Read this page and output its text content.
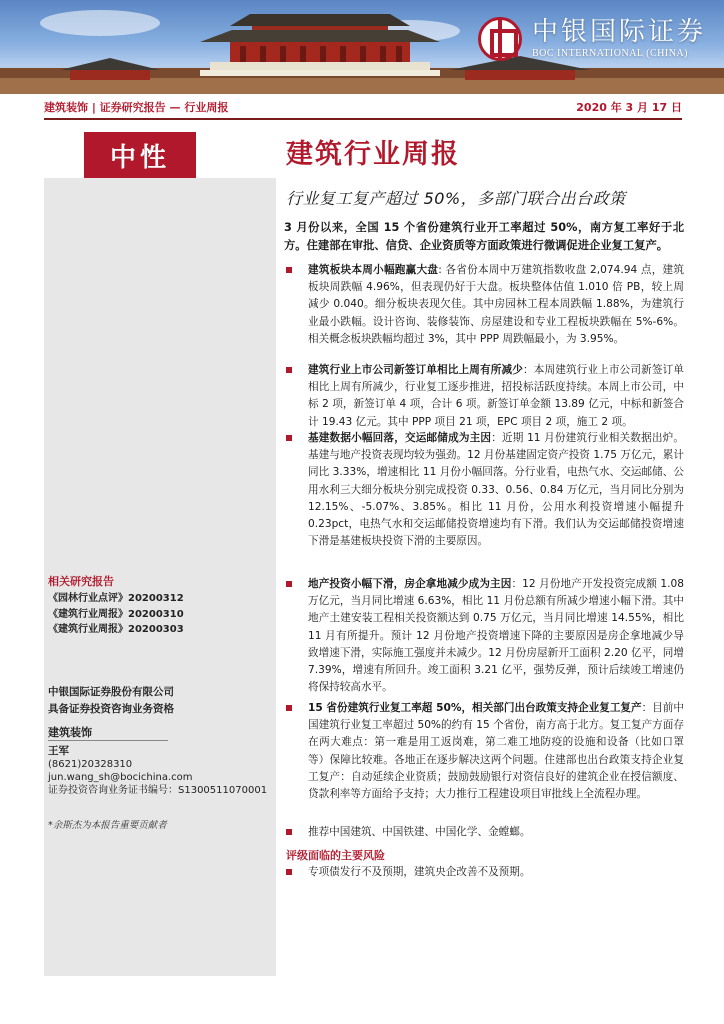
中银国际证券
BOC INTERNATIONAL (CHINA)
建筑装饰 | 证券研究报告 — 行业周报	2020 年 3 月 17 日
中性
相关研究报告
《园林行业点评》20200312
《建筑行业周报》20200310
《建筑行业周报》20200303
中银国际证券股份有限公司
具备证券投资咨询业务资格
建筑装饰
王军
(8621)20328310
jun.wang_sh@bocichina.com
证券投资咨询业务证书编号：S1300511070001
*余斯杰为本报告重要贡献者
建筑行业周报
行业复工复产超过 50%，多部门联合出台政策
3 月份以来，全国 15 个省份建筑行业开工率超过 50%，南方复工率好于北方。住建部在审批、信贷、企业资质等方面政策进行微调促进企业复工复产。
建筑板块本周小幅跑赢大盘: 各省份本周中万建筑指数收盘 2,074.94 点，建筑板块周跌幅 4.96%，但表现仍好于大盘。板块整体估值 1.010 倍 PB，较上周减少 0.040。细分板块表现欠佳。其中房园林工程本周跌幅 1.88%，为建筑行业最小跌幅。设计咨询、装修装饰、房屋建设和专业工程板块跌幅在 5%-6%。相关概念板块跌幅均超过 3%，其中 PPP 周跌幅最小，为 3.95%。
建筑行业上市公司新签订单相比上周有所减少：本周建筑行业上市公司新签订单相比上周有所减少，行业复工逐步推进，招投标活跃度持续。本周上市公司，中标 2 项，新签订单 4 项，合计 6 项。新签订单金额 13.89 亿元，中标和新签合计 19.43 亿元。其中 PPP 项目 21 项，EPC 项目 2 项，施工 2 项。
基建数据小幅回落，交运邮储成为主因：近期 11 月份建筑行业相关数据出炉。基建与地产投资表现均较为强劲。12 月份基建固定资产投资 1.75 万亿元，累计同比 3.33%，增速相比 11 月份小幅回落。分行业看，电热气水、交运邮储、公用水利三大细分板块分别完成投资 0.33、0.56、0.84 万亿元，当月同比分别为 12.15%、-5.07%、3.85%。相比 11 月份，公用水利投资增速小幅提升 0.23pct，电热气水和交运邮储投资增速均有下滑。我们认为交运邮储投资增速下滑是基建板块投资下滑的主要原因。
地产投资小幅下滑，房企拿地减少成为主因：12 月份地产开发投资完成额 1.08 万亿元，当月同比增速 6.63%，相比 11 月份总额有所减少增速小幅下滑。其中地产土建安装工程相关投资额达到 0.75 万亿元，当月同比增速 14.55%，相比 11 月有所提升。预计 12 月份地产投资增速下降的主要原因是房企拿地减少导致增速下滑，实际施工强度并未减少。12 月份房屋新开工面积 2.20 亿平，同增 7.39%，增速有所回升。竣工面积 3.21 亿平，强势反弹，预计后续竣工增速仍将保持较高水平。
15 省份建筑行业复工率超 50%，相关部门出台政策支持企业复工复产：目前中国建筑行业复工率超过 50%的约有 15 个省份，南方高于北方。复工复产方面存在两大难点：第一难是用工返岗难，第二难工地防疫的设施和设备（比如口罩等）保障比较难。各地正在逐步解决这两个问题。住建部也出台政策支持企业复工复产：自动延续企业资质；鼓励鼓励银行对资信良好的建筑企业在授信额度、贷款利率等方面给予支持；大力推行工程建设项目审批线上全流程办理。
推荐中国建筑、中国铁建、中国化学、金螳螂。
评级面临的主要风险
专项债发行不及预期，建筑央企改善不及预期。
